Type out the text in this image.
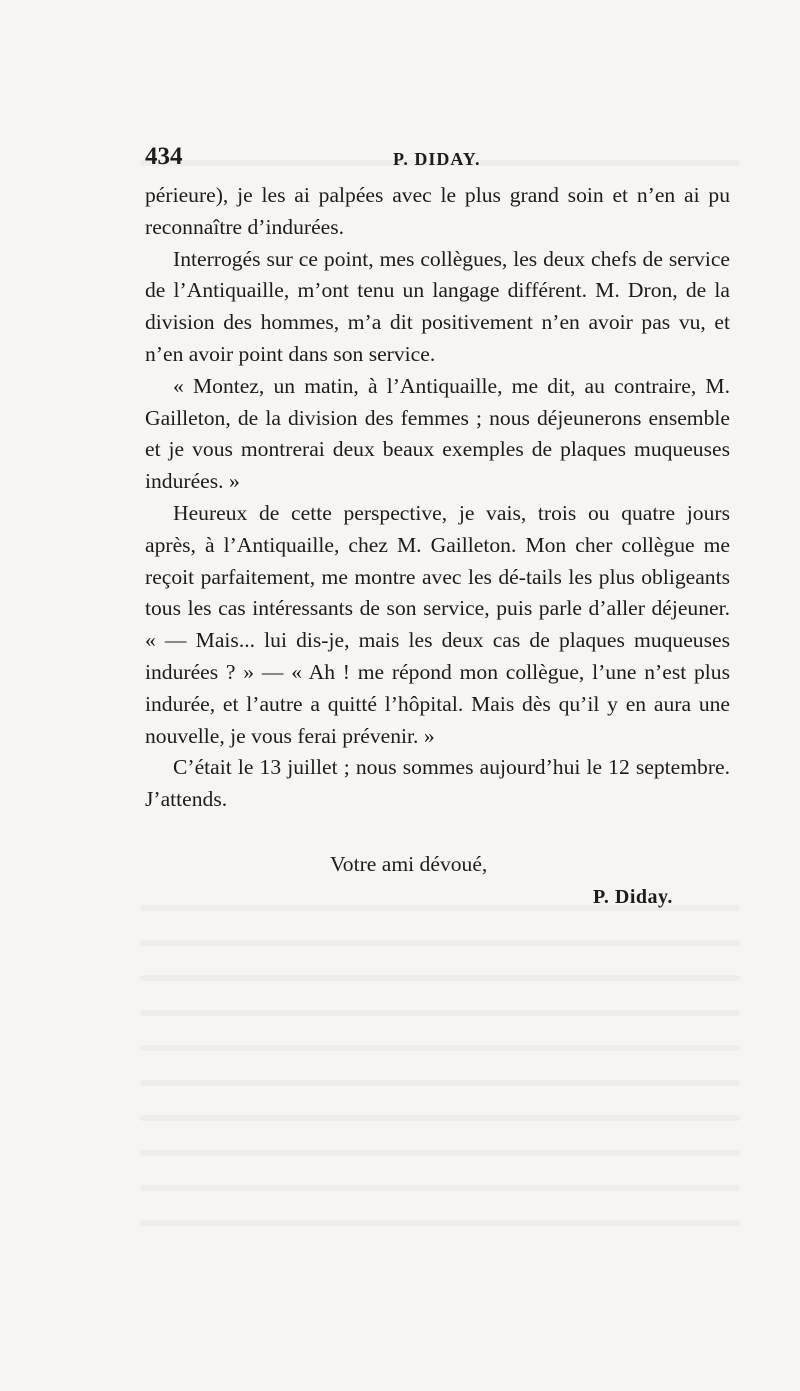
434	P. DIDAY.

périeure), je les ai palpées avec le plus grand soin et n’en ai pu reconnaître d’indurées.

Interrogés sur ce point, mes collègues, les deux chefs de service de l’Antiquaille, m’ont tenu un langage différent. M. Dron, de la division des hommes, m’a dit positivement n’en avoir pas vu, et n’en avoir point dans son service.

« Montez, un matin, à l’Antiquaille, me dit, au contraire, M. Gailleton, de la division des femmes ; nous déjeunerons ensemble et je vous montrerai deux beaux exemples de plaques muqueuses indurées. »

Heureux de cette perspective, je vais, trois ou quatre jours après, à l’Antiquaille, chez M. Gailleton. Mon cher collègue me reçoit parfaitement, me montre avec les dé-tails les plus obligeants tous les cas intéressants de son service, puis parle d’aller déjeuner. « — Mais... lui dis-je, mais les deux cas de plaques muqueuses indurées ? » — « Ah ! me répond mon collègue, l’une n’est plus indurée, et l’autre a quitté l’hôpital. Mais dès qu’il y en aura une nouvelle, je vous ferai prévenir. »

C’était le 13 juillet ; nous sommes aujourd’hui le 12 septembre. J’attends.

Votre ami dévoué,
P. Diday.
